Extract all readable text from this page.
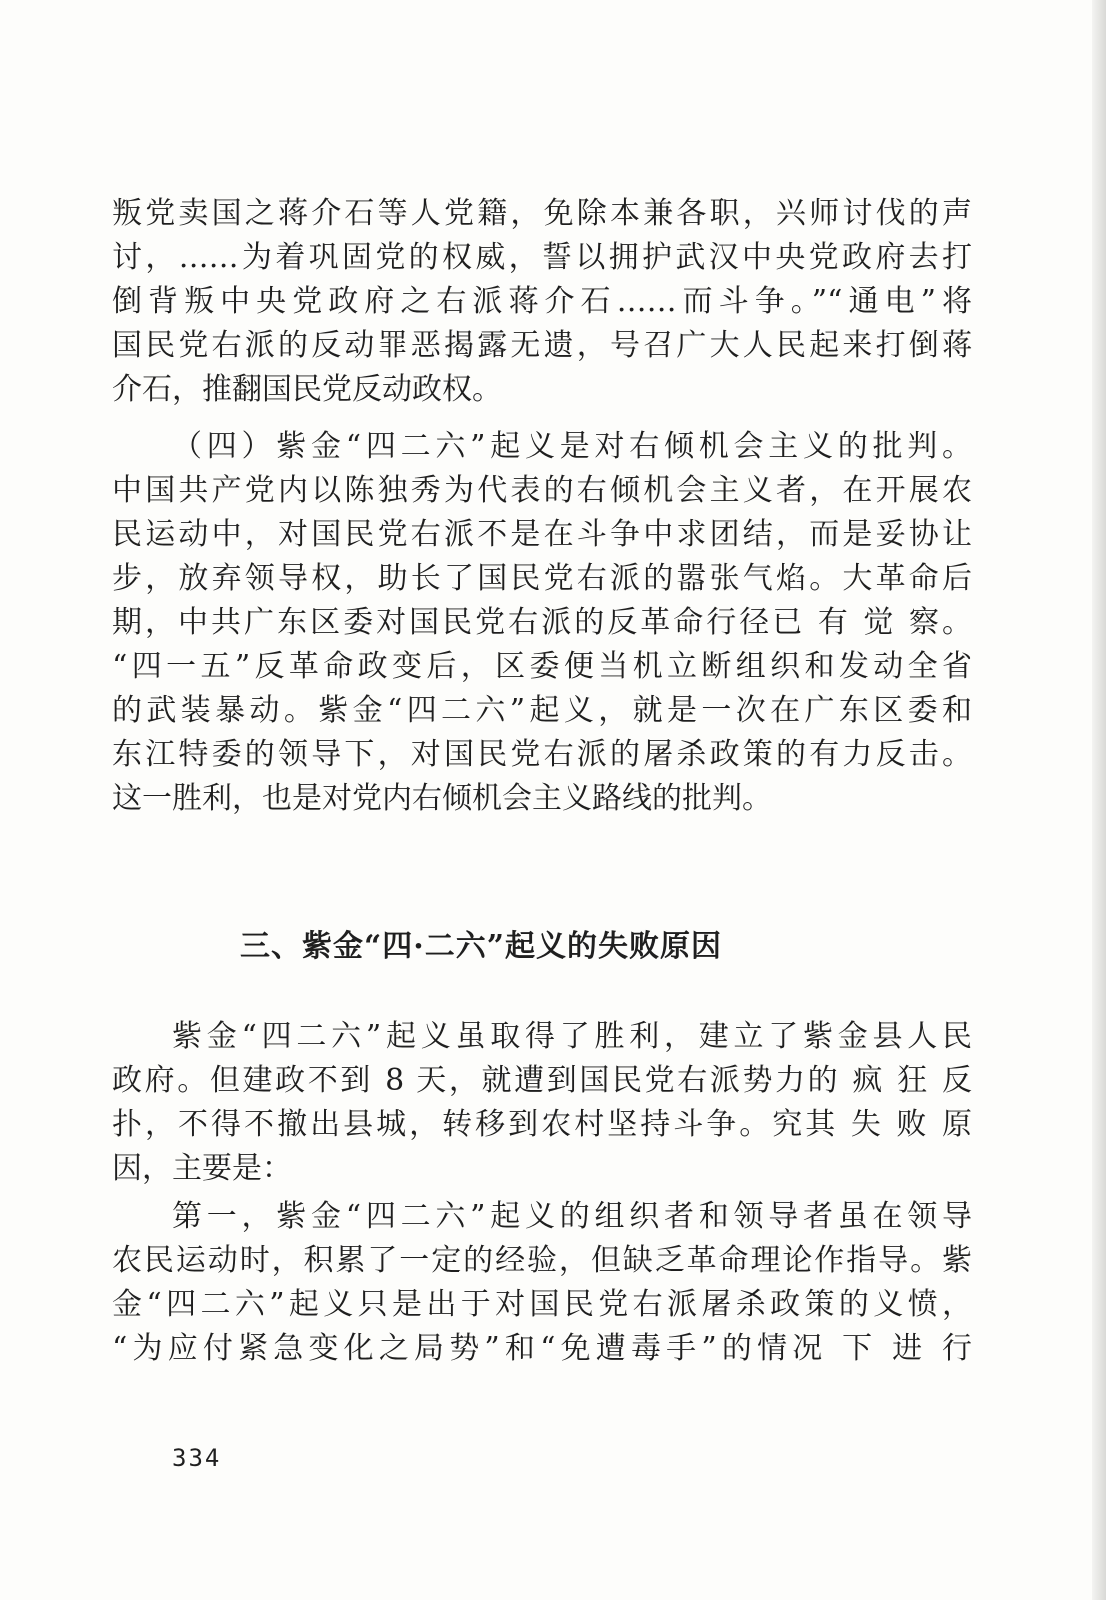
叛党卖国之蒋介石等人党籍，免除本兼各职，兴师讨伐的声
讨，……为着巩固党的权威，誓以拥护武汉中央党政府去打
倒背叛中央党政府之右派蒋介石……而斗争。”“通电”将
国民党右派的反动罪恶揭露无遗，号召广大人民起来打倒蒋
介石，推翻国民党反动政权。
（四）紫金“四二六”起义是对右倾机会主义的批判。
中国共产党内以陈独秀为代表的右倾机会主义者，在开展农
民运动中，对国民党右派不是在斗争中求团结，而是妥协让
步，放弃领导权，助长了国民党右派的嚣张气焰。大革命后
期，中共广东区委对国民党右派的反革命行径已 有 觉 察。
“四一五”反革命政变后，区委便当机立断组织和发动全省
的武装暴动。紫金“四二六”起义，就是一次在广东区委和
东江特委的领导下，对国民党右派的屠杀政策的有力反击。
这一胜利，也是对党内右倾机会主义路线的批判。
三、紫金“四·二六”起义的失败原因
紫金“四二六”起义虽取得了胜利，建立了紫金县人民
政府。但建政不到 8 天，就遭到国民党右派势力的 疯 狂 反
扑，不得不撤出县城，转移到农村坚持斗争。究其 失 败 原
因，主要是：
第一，紫金“四二六”起义的组织者和领导者虽在领导
农民运动时，积累了一定的经验，但缺乏革命理论作指导。紫
金“四二六”起义只是出于对国民党右派屠杀政策的义愤，
“为应付紧急变化之局势”和“免遭毒手”的情况 下 进 行
334
